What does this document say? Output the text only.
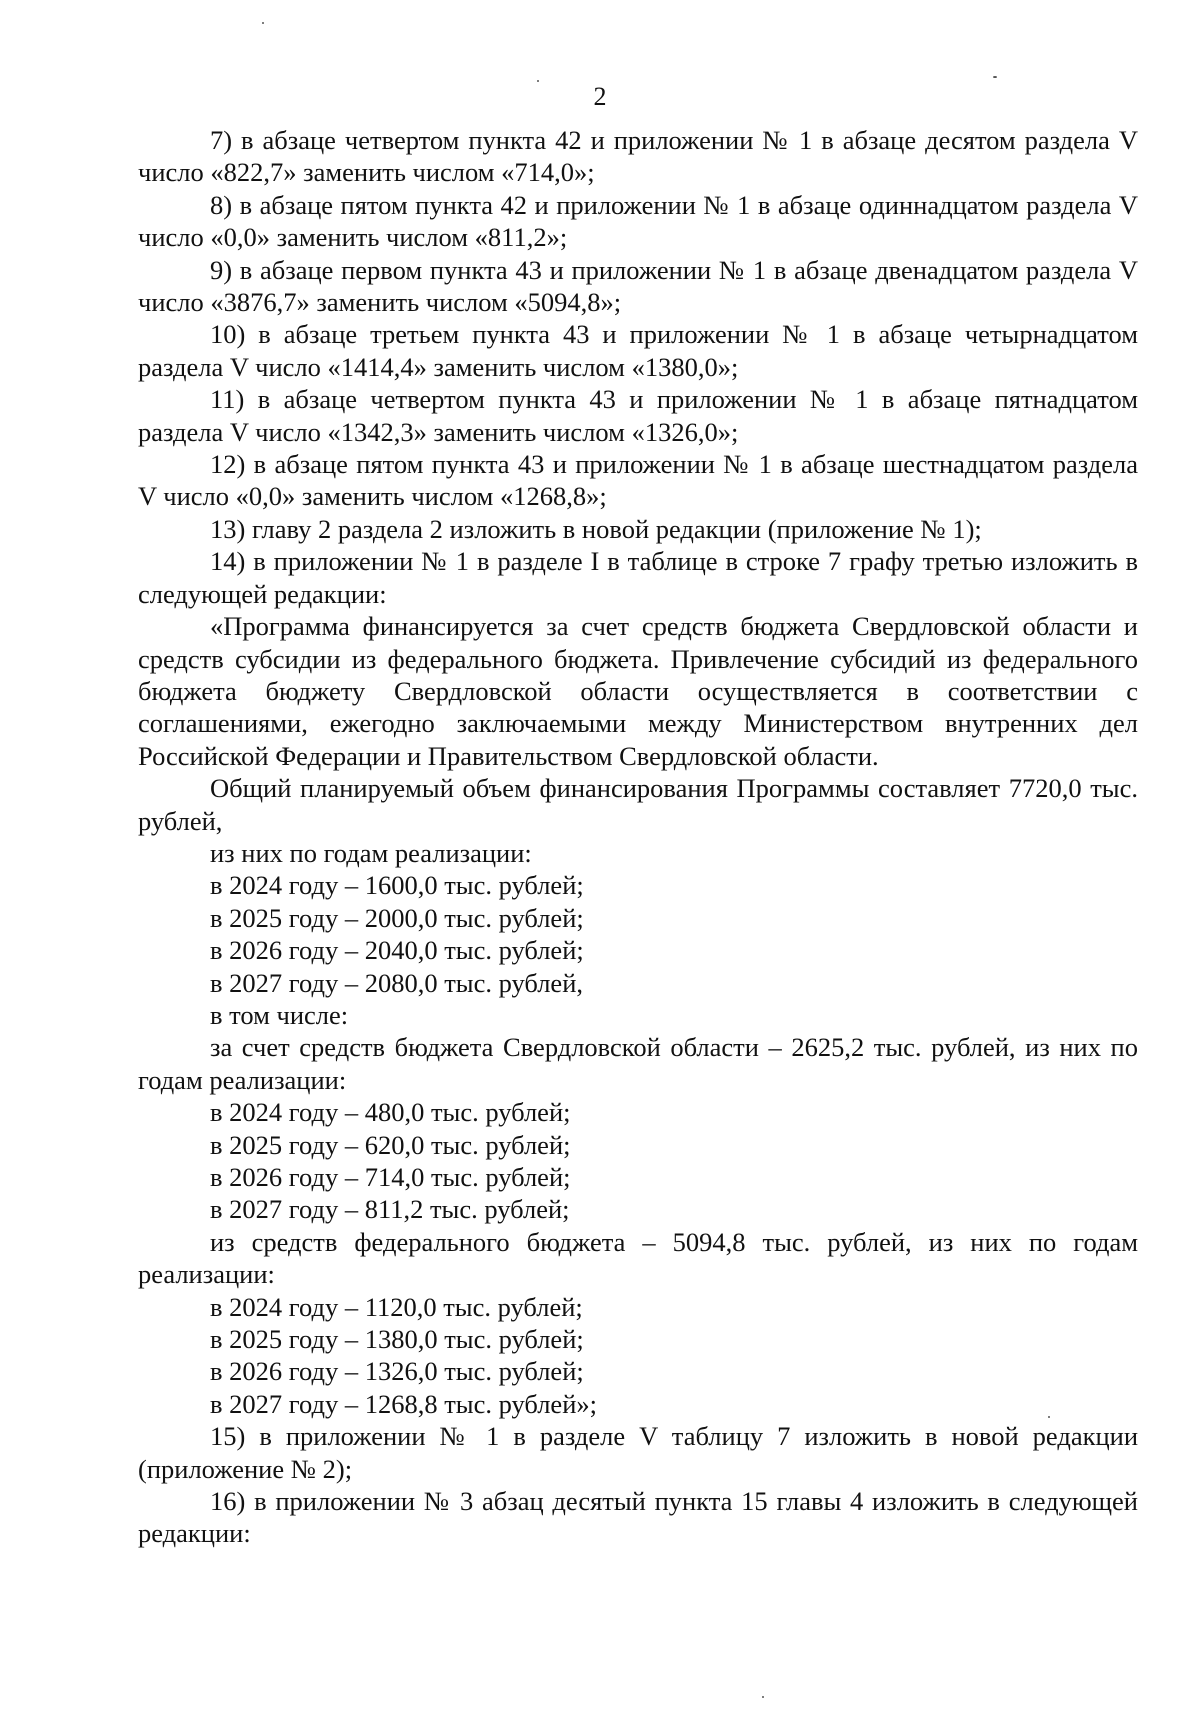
2

7) в абзаце четвертом пункта 42 и приложении № 1 в абзаце десятом раздела V число «822,7» заменить числом «714,0»;

8) в абзаце пятом пункта 42 и приложении № 1 в абзаце одиннадцатом раздела V число «0,0» заменить числом «811,2»;

9) в абзаце первом пункта 43 и приложении № 1 в абзаце двенадцатом раздела V число «3876,7» заменить числом «5094,8»;

10) в абзаце третьем пункта 43 и приложении № 1 в абзаце четырнадцатом раздела V число «1414,4» заменить числом «1380,0»;

11) в абзаце четвертом пункта 43 и приложении № 1 в абзаце пятнадцатом раздела V число «1342,3» заменить числом «1326,0»;

12) в абзаце пятом пункта 43 и приложении № 1 в абзаце шестнадцатом раздела V число «0,0» заменить числом «1268,8»;

13) главу 2 раздела 2 изложить в новой редакции (приложение № 1);

14) в приложении № 1 в разделе I в таблице в строке 7 графу третью изложить в следующей редакции:

«Программа финансируется за счет средств бюджета Свердловской области и средств субсидии из федерального бюджета. Привлечение субсидий из федерального бюджета бюджету Свердловской области осуществляется в соответствии с соглашениями, ежегодно заключаемыми между Министерством внутренних дел Российской Федерации и Правительством Свердловской области.

Общий планируемый объем финансирования Программы составляет 7720,0 тыс. рублей,

из них по годам реализации:

в 2024 году – 1600,0 тыс. рублей;

в 2025 году – 2000,0 тыс. рублей;

в 2026 году – 2040,0 тыс. рублей;

в 2027 году – 2080,0 тыс. рублей,

в том числе:

за счет средств бюджета Свердловской области – 2625,2 тыс. рублей, из них по годам реализации:

в 2024 году – 480,0 тыс. рублей;

в 2025 году – 620,0 тыс. рублей;

в 2026 году – 714,0 тыс. рублей;

в 2027 году – 811,2 тыс. рублей;

из средств федерального бюджета – 5094,8 тыс. рублей, из них по годам реализации:

в 2024 году – 1120,0 тыс. рублей;

в 2025 году – 1380,0 тыс. рублей;

в 2026 году – 1326,0 тыс. рублей;

в 2027 году – 1268,8 тыс. рублей»;

15) в приложении № 1 в разделе V таблицу 7 изложить в новой редакции (приложение № 2);

16) в приложении № 3 абзац десятый пункта 15 главы 4 изложить в следующей редакции:
